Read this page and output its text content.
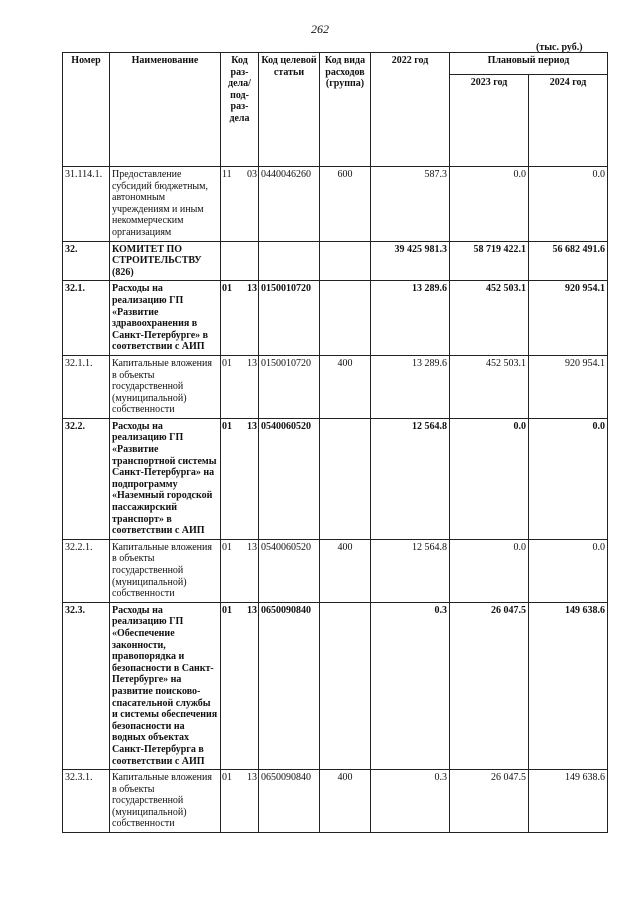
262
(тыс. руб.)
Номер	Наименование	Код раз-дела/ под-раз-дела	Код целевой статьи	Код вида расходов (группа)	2022 год	Плановый период	
						2023 год	2024 год
31.114.1.	Предоставление субсидий бюджетным, автономным учреждениям и иным некоммерческим организациям	11 03	0440046260	600	587.3	0.0	0.0
32.	КОМИТЕТ ПО СТРОИТЕЛЬСТВУ (826)				39 425 981.3	58 719 422.1	56 682 491.6
32.1.	Расходы на реализацию ГП «Развитие здравоохранения в Санкт-Петербурге» в соответствии с АИП	01 13	0150010720		13 289.6	452 503.1	920 954.1
32.1.1.	Капитальные вложения в объекты государственной (муниципальной) собственности	01 13	0150010720	400	13 289.6	452 503.1	920 954.1
32.2.	Расходы на реализацию ГП «Развитие транспортной системы Санкт-Петербурга» на подпрограмму «Наземный городской пассажирский транспорт» в соответствии с АИП	01 13	0540060520		12 564.8	0.0	0.0
32.2.1.	Капитальные вложения в объекты государственной (муниципальной) собственности	01 13	0540060520	400	12 564.8	0.0	0.0
32.3.	Расходы на реализацию ГП «Обеспечение законности, правопорядка и безопасности в Санкт-Петербурге» на развитие поисково-спасательной службы и системы обеспечения безопасности на водных объектах Санкт-Петербурга в соответствии с АИП	01 13	0650090840		0.3	26 047.5	149 638.6
32.3.1.	Капитальные вложения в объекты государственной (муниципальной) собственности	01 13	0650090840	400	0.3	26 047.5	149 638.6
